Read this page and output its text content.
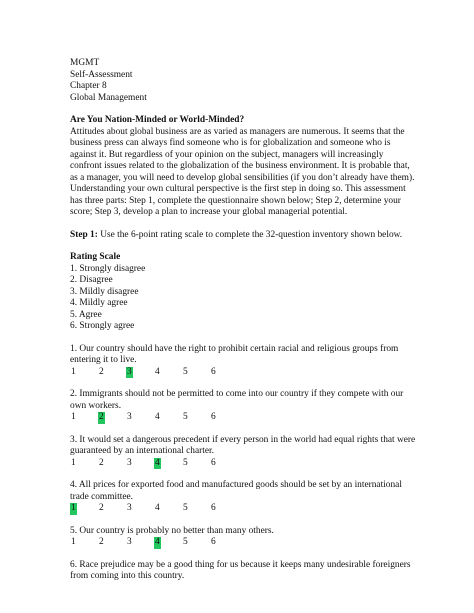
MGMT
Self-Assessment
Chapter 8
Global Management
Are You Nation-Minded or World-Minded?
Attitudes about global business are as varied as managers are numerous. It seems that the business press can always find someone who is for globalization and someone who is against it. But regardless of your opinion on the subject, managers will increasingly confront issues related to the globalization of the business environment. It is probable that, as a manager, you will need to develop global sensibilities (if you don’t already have them). Understanding your own cultural perspective is the first step in doing so. This assessment has three parts: Step 1, complete the questionnaire shown below; Step 2, determine your score; Step 3, develop a plan to increase your global managerial potential.
Step 1: Use the 6-point rating scale to complete the 32-question inventory shown below.
Rating Scale
1. Strongly disagree
2. Disagree
3. Mildly disagree
4. Mildly agree
5. Agree
6. Strongly agree
1. Our country should have the right to prohibit certain racial and religious groups from entering it to live.
1	2	3	4	5	6
2. Immigrants should not be permitted to come into our country if they compete with our own workers.
1	2	3	4	5	6
3. It would set a dangerous precedent if every person in the world had equal rights that were guaranteed by an international charter.
1	2	3	4	5	6
4. All prices for exported food and manufactured goods should be set by an international trade committee.
1	2	3	4	5	6
5. Our country is probably no better than many others.
1	2	3	4	5	6
6. Race prejudice may be a good thing for us because it keeps many undesirable foreigners from coming into this country.
